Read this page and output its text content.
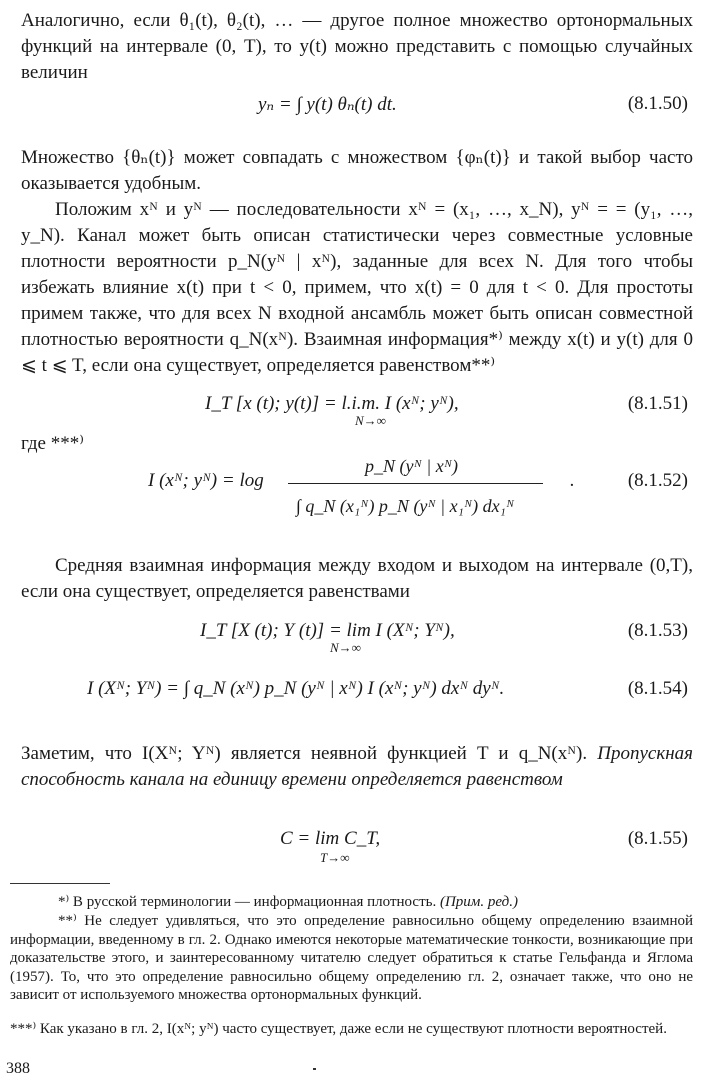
Аналогично, если θ₁(t), θ₂(t), … — другое полное множество ортонормальных функций на интервале (0, T), то y(t) можно представить с помощью случайных величин
yₙ = ∫ y(t) θₙ(t) dt.	(8.1.50)
Множество {θₙ(t)} может совпадать с множеством {φₙ(t)} и такой выбор часто оказывается удобным.
Положим xᴺ и yᴺ — последовательности xᴺ = (x₁, …, x_N), yᴺ = = (y₁, …, y_N). Канал может быть описан статистически через совместные условные плотности вероятности p_N(yᴺ | xᴺ), заданные для всех N. Для того чтобы избежать влияние x(t) при t < 0, примем, что x(t) = 0 для t < 0. Для простоты примем также, что для всех N входной ансамбль может быть описан совместной плотностью вероятности q_N(xᴺ). Взаимная информация*⁾ между x(t) и y(t) для 0 ⩽ t ⩽ T, если она существует, определяется равенством**⁾
I_T [x (t); y(t)] = l.i.m. I (xᴺ; yᴺ),
N→∞
(8.1.51)
где ***⁾
I (xᴺ; yᴺ) = log
p_N (yᴺ | xᴺ)
∫ q_N (x₁ᴺ) p_N (yᴺ | x₁ᴺ) dx₁ᴺ
.	(8.1.52)
Средняя взаимная информация между входом и выходом на интервале (0,T), если она существует, определяется равенствами
I_T [X (t); Y (t)] = lim I (Xᴺ; Yᴺ),
N→∞
(8.1.53)
I (Xᴺ; Yᴺ) = ∫ q_N (xᴺ) p_N (yᴺ | xᴺ) I (xᴺ; yᴺ) dxᴺ dyᴺ.	(8.1.54)
Заметим, что I(Xᴺ; Yᴺ) является неявной функцией T и q_N(xᴺ). Пропускная способность канала на единицу времени определяется равенством
C = lim C_T,
T→∞
(8.1.55)
*⁾ В русской терминологии — информационная плотность. (Прим. ред.)
**⁾ Не следует удивляться, что это определение равносильно общему определению взаимной информации, введенному в гл. 2. Однако имеются некоторые математические тонкости, возникающие при доказательстве этого, и заинтересованному читателю следует обратиться к статье Гельфанда и Яглома (1957). То, что это определение равносильно общему определению гл. 2, означает также, что оно не зависит от используемого множества ортонормальных функций.
***⁾ Как указано в гл. 2, I(xᴺ; yᴺ) часто существует, даже если не существуют плотности вероятностей.
388
